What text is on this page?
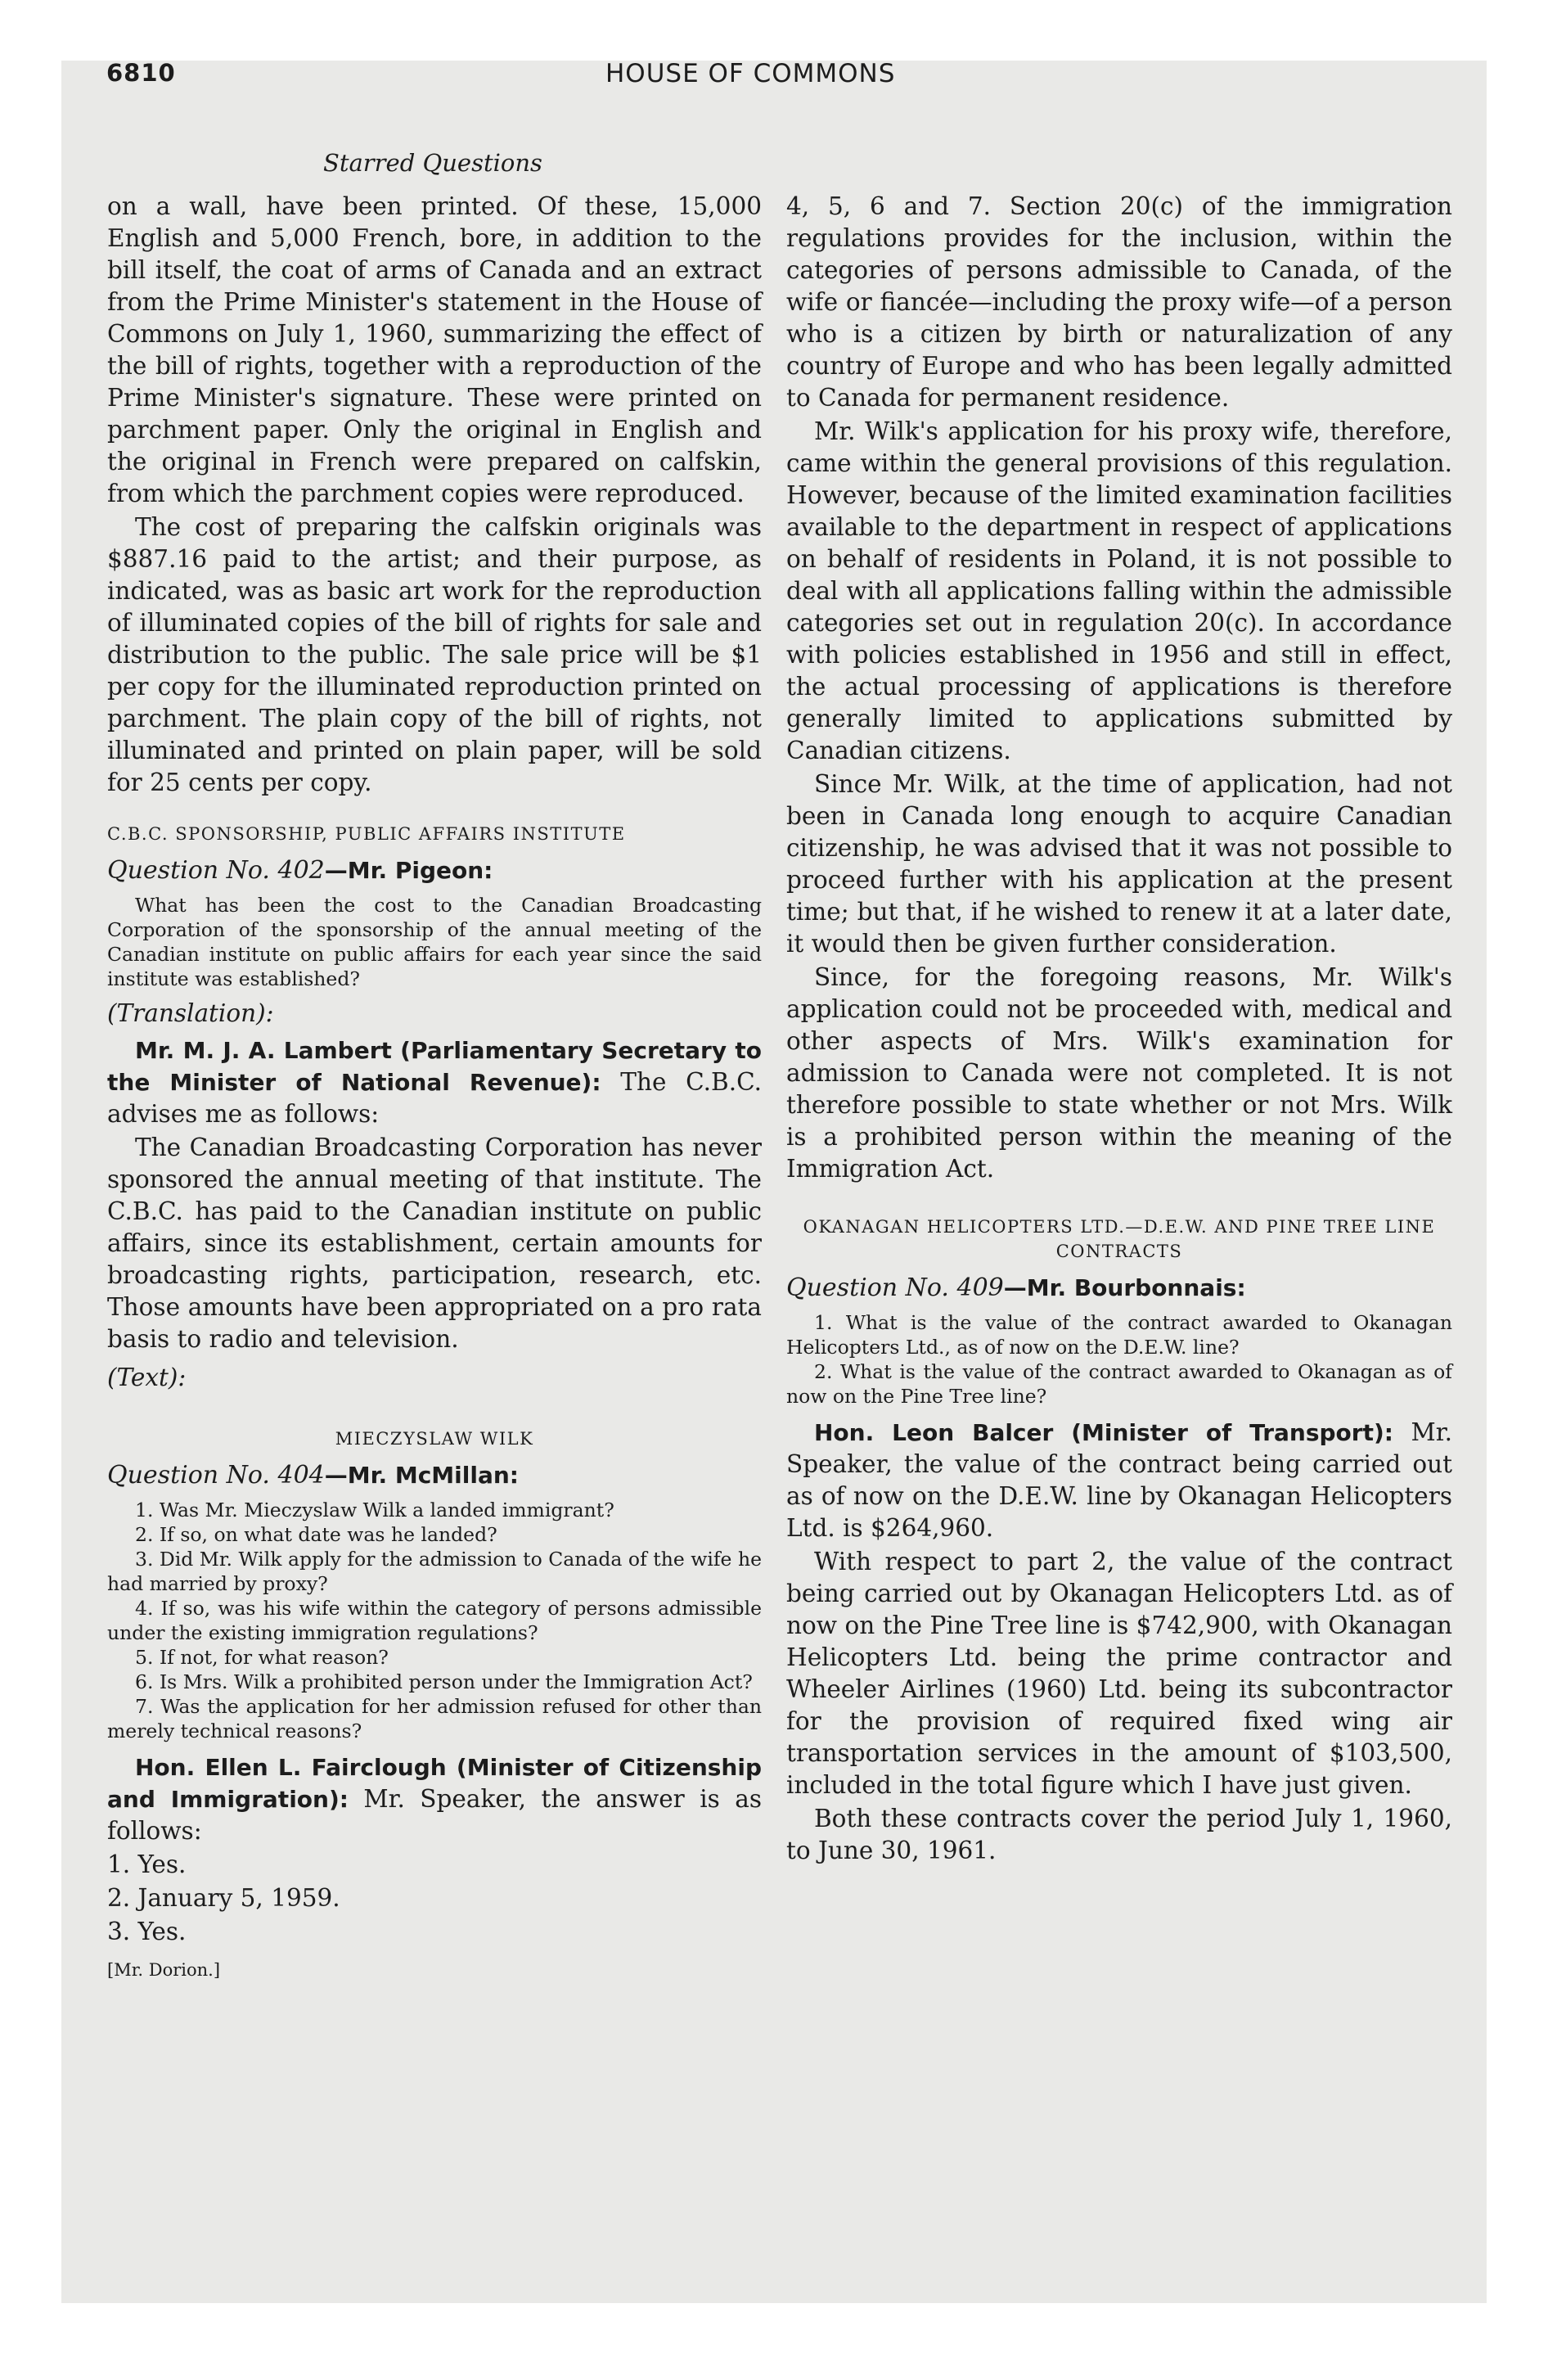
6810	HOUSE OF COMMONS
Starred Questions

on a wall, have been printed. Of these, 15,000 English and 5,000 French, bore, in addition to the bill itself, the coat of arms of Canada and an extract from the Prime Minister's statement in the House of Commons on July 1, 1960, summarizing the effect of the bill of rights, together with a reproduction of the Prime Minister's signature. These were printed on parchment paper. Only the original in English and the original in French were prepared on calfskin, from which the parchment copies were reproduced.

The cost of preparing the calfskin originals was $887.16 paid to the artist; and their purpose, as indicated, was as basic art work for the reproduction of illuminated copies of the bill of rights for sale and distribution to the public. The sale price will be $1 per copy for the illuminated reproduction printed on parchment. The plain copy of the bill of rights, not illuminated and printed on plain paper, will be sold for 25 cents per copy.

C.B.C. SPONSORSHIP, PUBLIC AFFAIRS INSTITUTE
Question No. 402—Mr. Pigeon:

What has been the cost to the Canadian Broadcasting Corporation of the sponsorship of the annual meeting of the Canadian institute on public affairs for each year since the said institute was established?

(Translation):

Mr. M. J. A. Lambert (Parliamentary Secretary to the Minister of National Revenue): The C.B.C. advises me as follows:

The Canadian Broadcasting Corporation has never sponsored the annual meeting of that institute. The C.B.C. has paid to the Canadian institute on public affairs, since its establishment, certain amounts for broadcasting rights, participation, research, etc. Those amounts have been appropriated on a pro rata basis to radio and television.

(Text):
MIECZYSLAW WILK
Question No. 404—Mr. McMillan:

1. Was Mr. Mieczyslaw Wilk a landed immigrant?

2. If so, on what date was he landed?

3. Did Mr. Wilk apply for the admission to Canada of the wife he had married by proxy?

4. If so, was his wife within the category of persons admissible under the existing immigration regulations?

5. If not, for what reason?

6. Is Mrs. Wilk a prohibited person under the Immigration Act?

7. Was the application for her admission refused for other than merely technical reasons?

Hon. Ellen L. Fairclough (Minister of Citizenship and Immigration): Mr. Speaker, the answer is as follows:

1. Yes.

2. January 5, 1959.

3. Yes.

[Mr. Dorion.]

4, 5, 6 and 7. Section 20(c) of the immigration regulations provides for the inclusion, within the categories of persons admissible to Canada, of the wife or fiancée—including the proxy wife—of a person who is a citizen by birth or naturalization of any country of Europe and who has been legally admitted to Canada for permanent residence.

Mr. Wilk's application for his proxy wife, therefore, came within the general provisions of this regulation. However, because of the limited examination facilities available to the department in respect of applications on behalf of residents in Poland, it is not possible to deal with all applications falling within the admissible categories set out in regulation 20(c). In accordance with policies established in 1956 and still in effect, the actual processing of applications is therefore generally limited to applications submitted by Canadian citizens.

Since Mr. Wilk, at the time of application, had not been in Canada long enough to acquire Canadian citizenship, he was advised that it was not possible to proceed further with his application at the present time; but that, if he wished to renew it at a later date, it would then be given further consideration.

Since, for the foregoing reasons, Mr. Wilk's application could not be proceeded with, medical and other aspects of Mrs. Wilk's examination for admission to Canada were not completed. It is not therefore possible to state whether or not Mrs. Wilk is a prohibited person within the meaning of the Immigration Act.

OKANAGAN HELICOPTERS LTD.—D.E.W. AND PINE TREE LINE CONTRACTS
Question No. 409—Mr. Bourbonnais:

1. What is the value of the contract awarded to Okanagan Helicopters Ltd., as of now on the D.E.W. line?

2. What is the value of the contract awarded to Okanagan as of now on the Pine Tree line?

Hon. Leon Balcer (Minister of Transport): Mr. Speaker, the value of the contract being carried out as of now on the D.E.W. line by Okanagan Helicopters Ltd. is $264,960.

With respect to part 2, the value of the contract being carried out by Okanagan Helicopters Ltd. as of now on the Pine Tree line is $742,900, with Okanagan Helicopters Ltd. being the prime contractor and Wheeler Airlines (1960) Ltd. being its subcontractor for the provision of required fixed wing air transportation services in the amount of $103,500, included in the total figure which I have just given.

Both these contracts cover the period July 1, 1960, to June 30, 1961.
